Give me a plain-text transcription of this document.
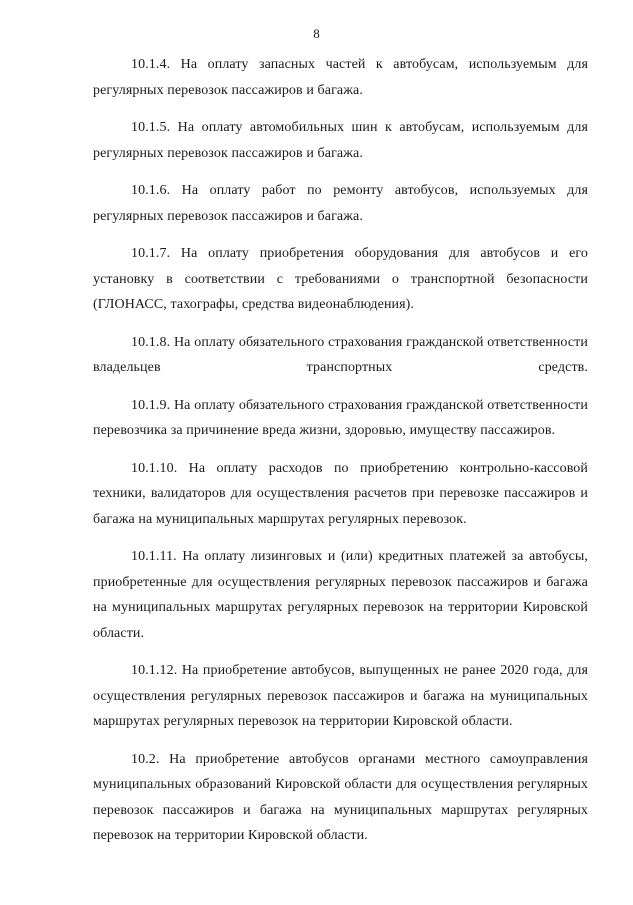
8

10.1.4. На оплату запасных частей к автобусам, используемым для регулярных перевозок пассажиров и багажа.

10.1.5. На оплату автомобильных шин к автобусам, используемым для регулярных перевозок пассажиров и багажа.

10.1.6. На оплату работ по ремонту автобусов, используемых для регулярных перевозок пассажиров и багажа.

10.1.7. На оплату приобретения оборудования для автобусов и его установку в соответствии с требованиями о транспортной безопасности (ГЛОНАСС, тахографы, средства видеонаблюдения).

10.1.8. На оплату обязательного страхования гражданской ответственности владельцев транспортных средств.

10.1.9. На оплату обязательного страхования гражданской ответственности перевозчика за причинение вреда жизни, здоровью, имуществу пассажиров.

10.1.10. На оплату расходов по приобретению контрольно-кассовой техники, валидаторов для осуществления расчетов при перевозке пассажиров и багажа на муниципальных маршрутах регулярных перевозок.

10.1.11. На оплату лизинговых и (или) кредитных платежей за автобусы, приобретенные для осуществления регулярных перевозок пассажиров и багажа на муниципальных маршрутах регулярных перевозок на территории Кировской области.

10.1.12. На приобретение автобусов, выпущенных не ранее 2020 года, для осуществления регулярных перевозок пассажиров и багажа на муниципальных маршрутах регулярных перевозок на территории Кировской области.

10.2. На приобретение автобусов органами местного самоуправления муниципальных образований Кировской области для осуществления регулярных перевозок пассажиров и багажа на муниципальных маршрутах регулярных перевозок на территории Кировской области.
